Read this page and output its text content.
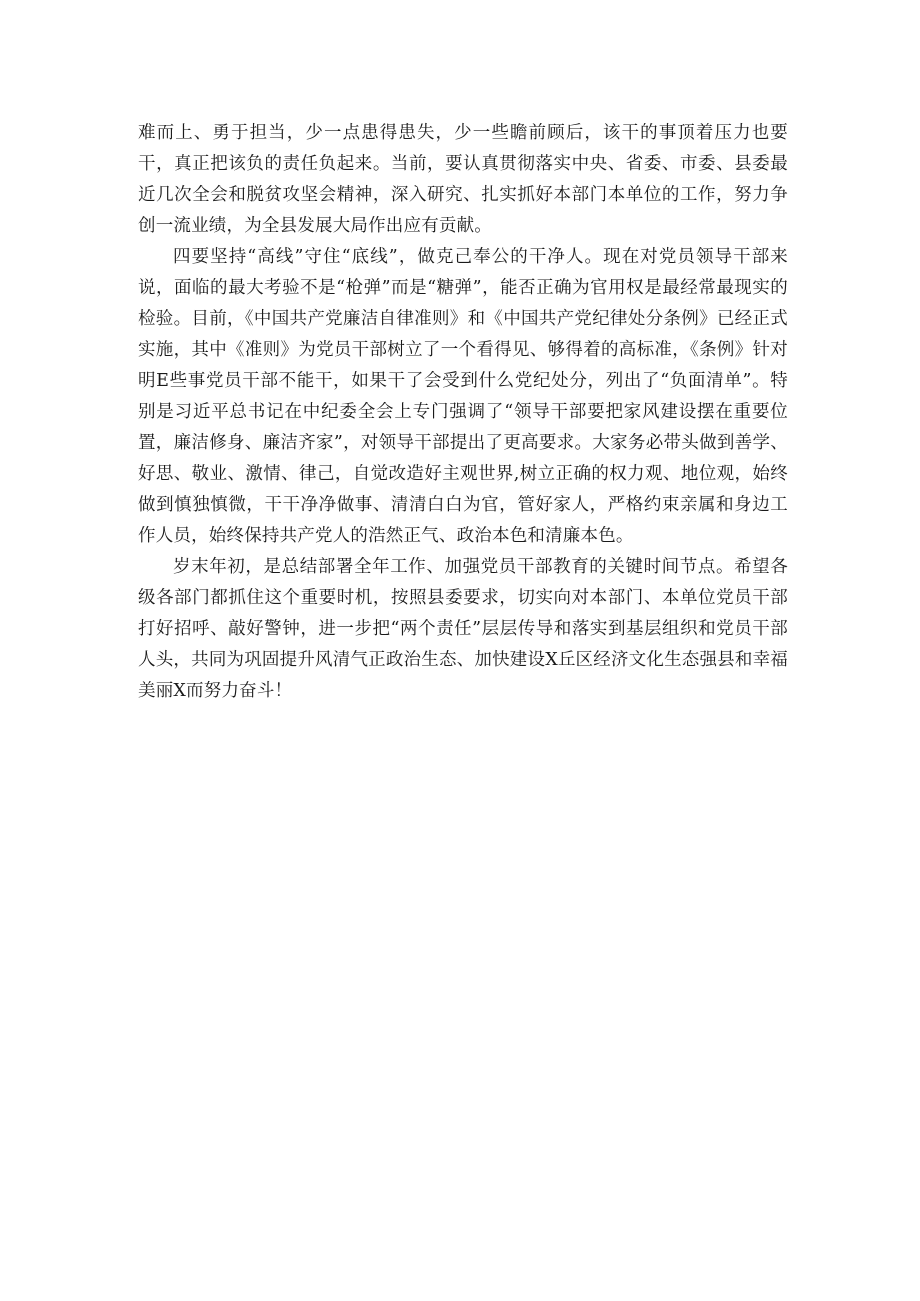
难而上、勇于担当，少一点患得患失，少一些瞻前顾后，该干的事顶着压力也要干，真正把该负的责任负起来。当前，要认真贯彻落实中央、省委、市委、县委最近几次全会和脱贫攻坚会精神，深入研究、扎实抓好本部门本单位的工作，努力争创一流业绩，为全县发展大局作出应有贡献。

四要坚持“高线”守住“底线”，做克己奉公的干净人。现在对党员领导干部来说，面临的最大考验不是“枪弹”而是“糖弹”，能否正确为官用权是最经常最现实的检验。目前，《中国共产党廉洁自律准则》和《中国共产党纪律处分条例》已经正式实施，其中《准则》为党员干部树立了一个看得见、够得着的高标准，《条例》针对明E些事党员干部不能干，如果干了会受到什么党纪处分，列出了“负面清单”。特别是习近平总书记在中纪委全会上专门强调了“领导干部要把家风建设摆在重要位置，廉洁修身、廉洁齐家”，对领导干部提出了更高要求。大家务必带头做到善学、好思、敬业、激情、律己，自觉改造好主观世界,树立正确的权力观、地位观，始终做到慎独慎微，干干净净做事、清清白白为官，管好家人，严格约束亲属和身边工作人员，始终保持共产党人的浩然正气、政治本色和清廉本色。

岁末年初，是总结部署全年工作、加强党员干部教育的关键时间节点。希望各级各部门都抓住这个重要时机，按照县委要求，切实向对本部门、本单位党员干部打好招呼、敲好警钟，进一步把“两个责任”层层传导和落实到基层组织和党员干部人头，共同为巩固提升风清气正政治生态、加快建设X丘区经济文化生态强县和幸福美丽X而努力奋斗！
